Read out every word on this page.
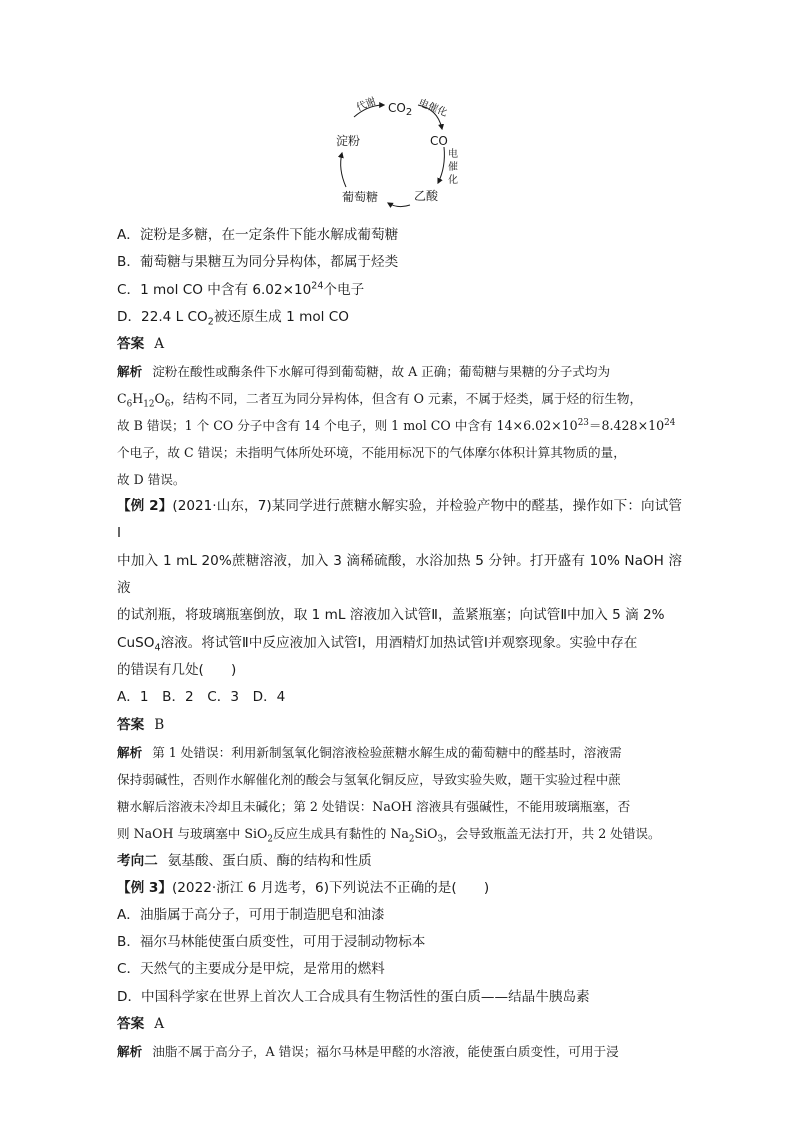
$CO_2$
CO
乙酸
葡萄糖
淀粉
代谢	电催化
电
催
化
A．淀粉是多糖，在一定条件下能水解成葡萄糖
B．葡萄糖与果糖互为同分异构体，都属于烃类
C．1 mol CO 中含有 $6.02\times 10^{24}$个电子
D．22.4 L $CO_2$被还原生成 1 mol CO
答案 A
解析 淀粉在酸性或酶条件下水解可得到葡萄糖，故 A 正确；葡萄糖与果糖的分子式均为
$C_6H_{12}O_6$，结构不同，二者互为同分异构体，但含有 O 元素，不属于烃类，属于烃的衍生物，
故 B 错误；1 个 CO 分子中含有 14 个电子，则 1 mol CO 中含有 $14\times 6.02\times 10^{23}=8.428\times 10^{24}$
个电子，故 C 错误；未指明气体所处环境，不能用标况下的气体摩尔体积计算其物质的量，
故 D 错误。
【例 2】(2021·山东，7)某同学进行蔗糖水解实验，并检验产物中的醛基，操作如下：向试管Ⅰ
中加入 1 mL 20%蔗糖溶液，加入 3 滴稀硫酸，水浴加热 5 分钟。打开盛有 10% NaOH 溶液
的试剂瓶，将玻璃瓶塞倒放，取 1 mL 溶液加入试管Ⅱ，盖紧瓶塞；向试管Ⅱ中加入 5 滴 2%
CuSO$_4$溶液。将试管Ⅱ中反应液加入试管Ⅰ，用酒精灯加热试管Ⅰ并观察现象。实验中存在
的错误有几处(　　)
A．1　B．2　C．3　D．4
答案 B
解析 第 1 处错误：利用新制氢氧化铜溶液检验蔗糖水解生成的葡萄糖中的醛基时，溶液需
保持弱碱性，否则作水解催化剂的酸会与氢氧化铜反应，导致实验失败，题干实验过程中蔗
糖水解后溶液未冷却且未碱化；第 2 处错误：NaOH 溶液具有强碱性，不能用玻璃瓶塞，否
则 NaOH 与玻璃塞中 SiO$_2$反应生成具有黏性的 $Na_2SiO_3$，会导致瓶盖无法打开，共 2 处错误。
考向二 氨基酸、蛋白质、酶的结构和性质
【例 3】(2022·浙江 6 月选考，6)下列说法不正确的是(　　)
A．油脂属于高分子，可用于制造肥皂和油漆
B．福尔马林能使蛋白质变性，可用于浸制动物标本
C．天然气的主要成分是甲烷，是常用的燃料
D．中国科学家在世界上首次人工合成具有生物活性的蛋白质——结晶牛胰岛素
答案 A
解析 油脂不属于高分子，A 错误；福尔马林是甲醛的水溶液，能使蛋白质变性，可用于浸
